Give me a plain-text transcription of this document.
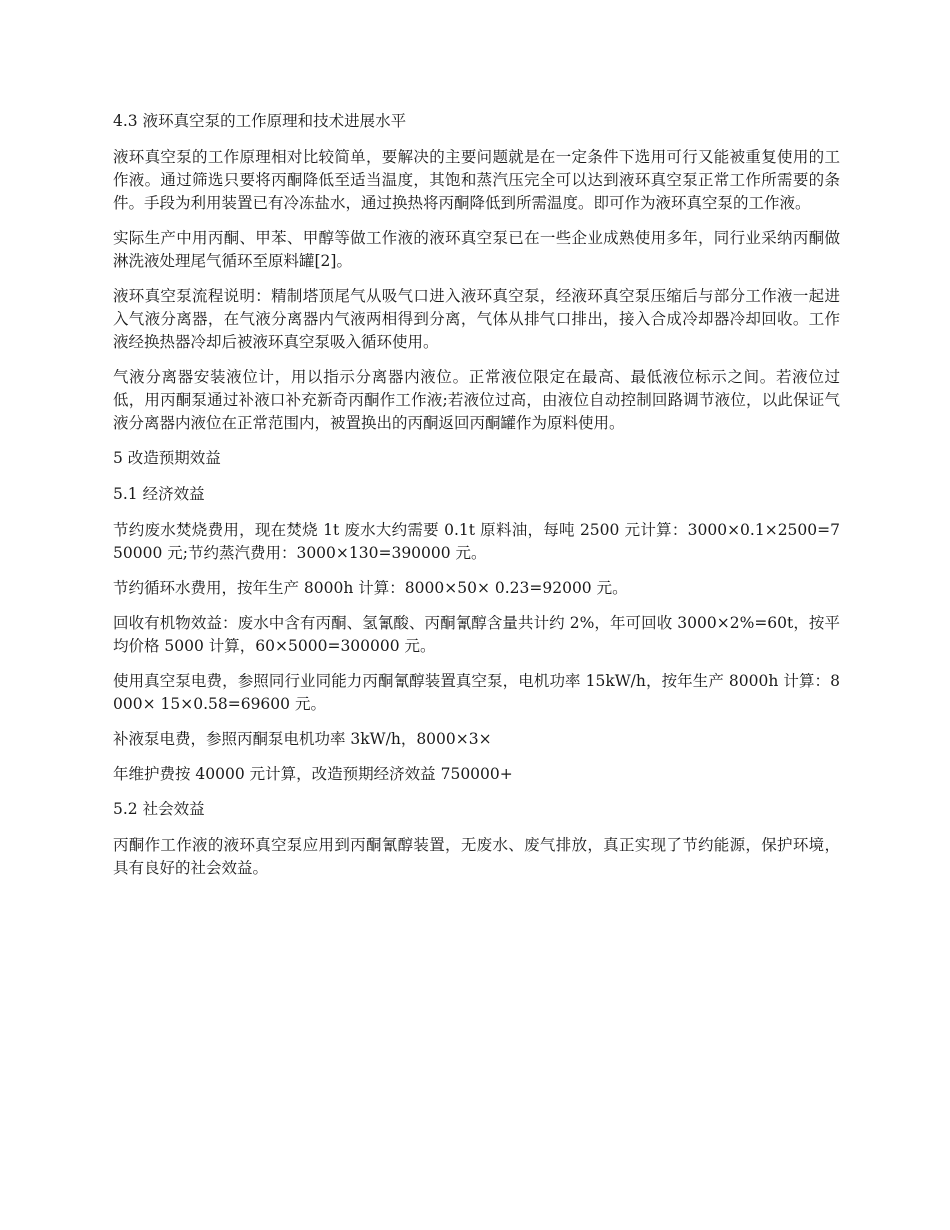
4.3 液环真空泵的工作原理和技术进展水平

液环真空泵的工作原理相对比较简单，要解决的主要问题就是在一定条件下选用可行又能被重复使用的工作液。通过筛选只要将丙酮降低至适当温度，其饱和蒸汽压完全可以达到液环真空泵正常工作所需要的条件。手段为利用装置已有冷冻盐水，通过换热将丙酮降低到所需温度。即可作为液环真空泵的工作液。

实际生产中用丙酮、甲苯、甲醇等做工作液的液环真空泵已在一些企业成熟使用多年，同行业采纳丙酮做淋洗液处理尾气循环至原料罐[2]。

液环真空泵流程说明：精制塔顶尾气从吸气口进入液环真空泵，经液环真空泵压缩后与部分工作液一起进入气液分离器，在气液分离器内气液两相得到分离，气体从排气口排出，接入合成冷却器冷却回收。工作液经换热器冷却后被液环真空泵吸入循环使用。

气液分离器安装液位计，用以指示分离器内液位。正常液位限定在最高、最低液位标示之间。若液位过低，用丙酮泵通过补液口补充新奇丙酮作工作液;若液位过高，由液位自动控制回路调节液位，以此保证气液分离器内液位在正常范围内，被置换出的丙酮返回丙酮罐作为原料使用。

5 改造预期效益

5.1 经济效益

节约废水焚烧费用，现在焚烧 1t 废水大约需要 0.1t 原料油，每吨 2500 元计算：3000×0.1×2500=750000 元;节约蒸汽费用：3000×130=390000 元。

节约循环水费用，按年生产 8000h 计算：8000×50× 0.23=92000 元。

回收有机物效益：废水中含有丙酮、氢氰酸、丙酮氰醇含量共计约 2%，年可回收 3000×2%=60t，按平均价格 5000 计算，60×5000=300000 元。

使用真空泵电费，参照同行业同能力丙酮氰醇装置真空泵，电机功率 15kW/h，按年生产 8000h 计算：8000× 15×0.58=69600 元。

补液泵电费，参照丙酮泵电机功率 3kW/h，8000×3×

年维护费按 40000 元计算，改造预期经济效益 750000+

5.2 社会效益

丙酮作工作液的液环真空泵应用到丙酮氰醇装置，无废水、废气排放，真正实现了节约能源，保护环境，具有良好的社会效益。
